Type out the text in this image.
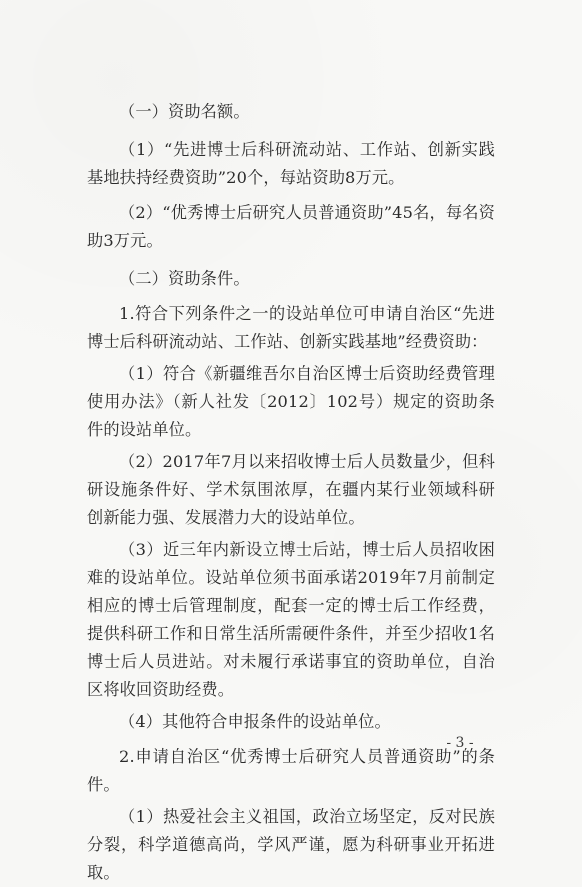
（一）资助名额。

（1）“先进博士后科研流动站、工作站、创新实践基地扶持经费资助”20个，每站资助8万元。

（2）“优秀博士后研究人员普通资助”45名，每名资助3万元。

（二）资助条件。

1.符合下列条件之一的设站单位可申请自治区“先进博士后科研流动站、工作站、创新实践基地”经费资助：

（1）符合《新疆维吾尔自治区博士后资助经费管理使用办法》（新人社发〔2012〕102号）规定的资助条件的设站单位。

（2）2017年7月以来招收博士后人员数量少，但科研设施条件好、学术氛围浓厚，在疆内某行业领域科研创新能力强、发展潜力大的设站单位。

（3）近三年内新设立博士后站，博士后人员招收困难的设站单位。设站单位须书面承诺2019年7月前制定相应的博士后管理制度，配套一定的博士后工作经费，提供科研工作和日常生活所需硬件条件，并至少招收1名博士后人员进站。对未履行承诺事宜的资助单位，自治区将收回资助经费。

（4）其他符合申报条件的设站单位。

2.申请自治区“优秀博士后研究人员普通资助”的条件。

（1）热爱社会主义祖国，政治立场坚定，反对民族分裂，科学道德高尚，学风严谨，愿为科研事业开拓进取。

- 3 -
